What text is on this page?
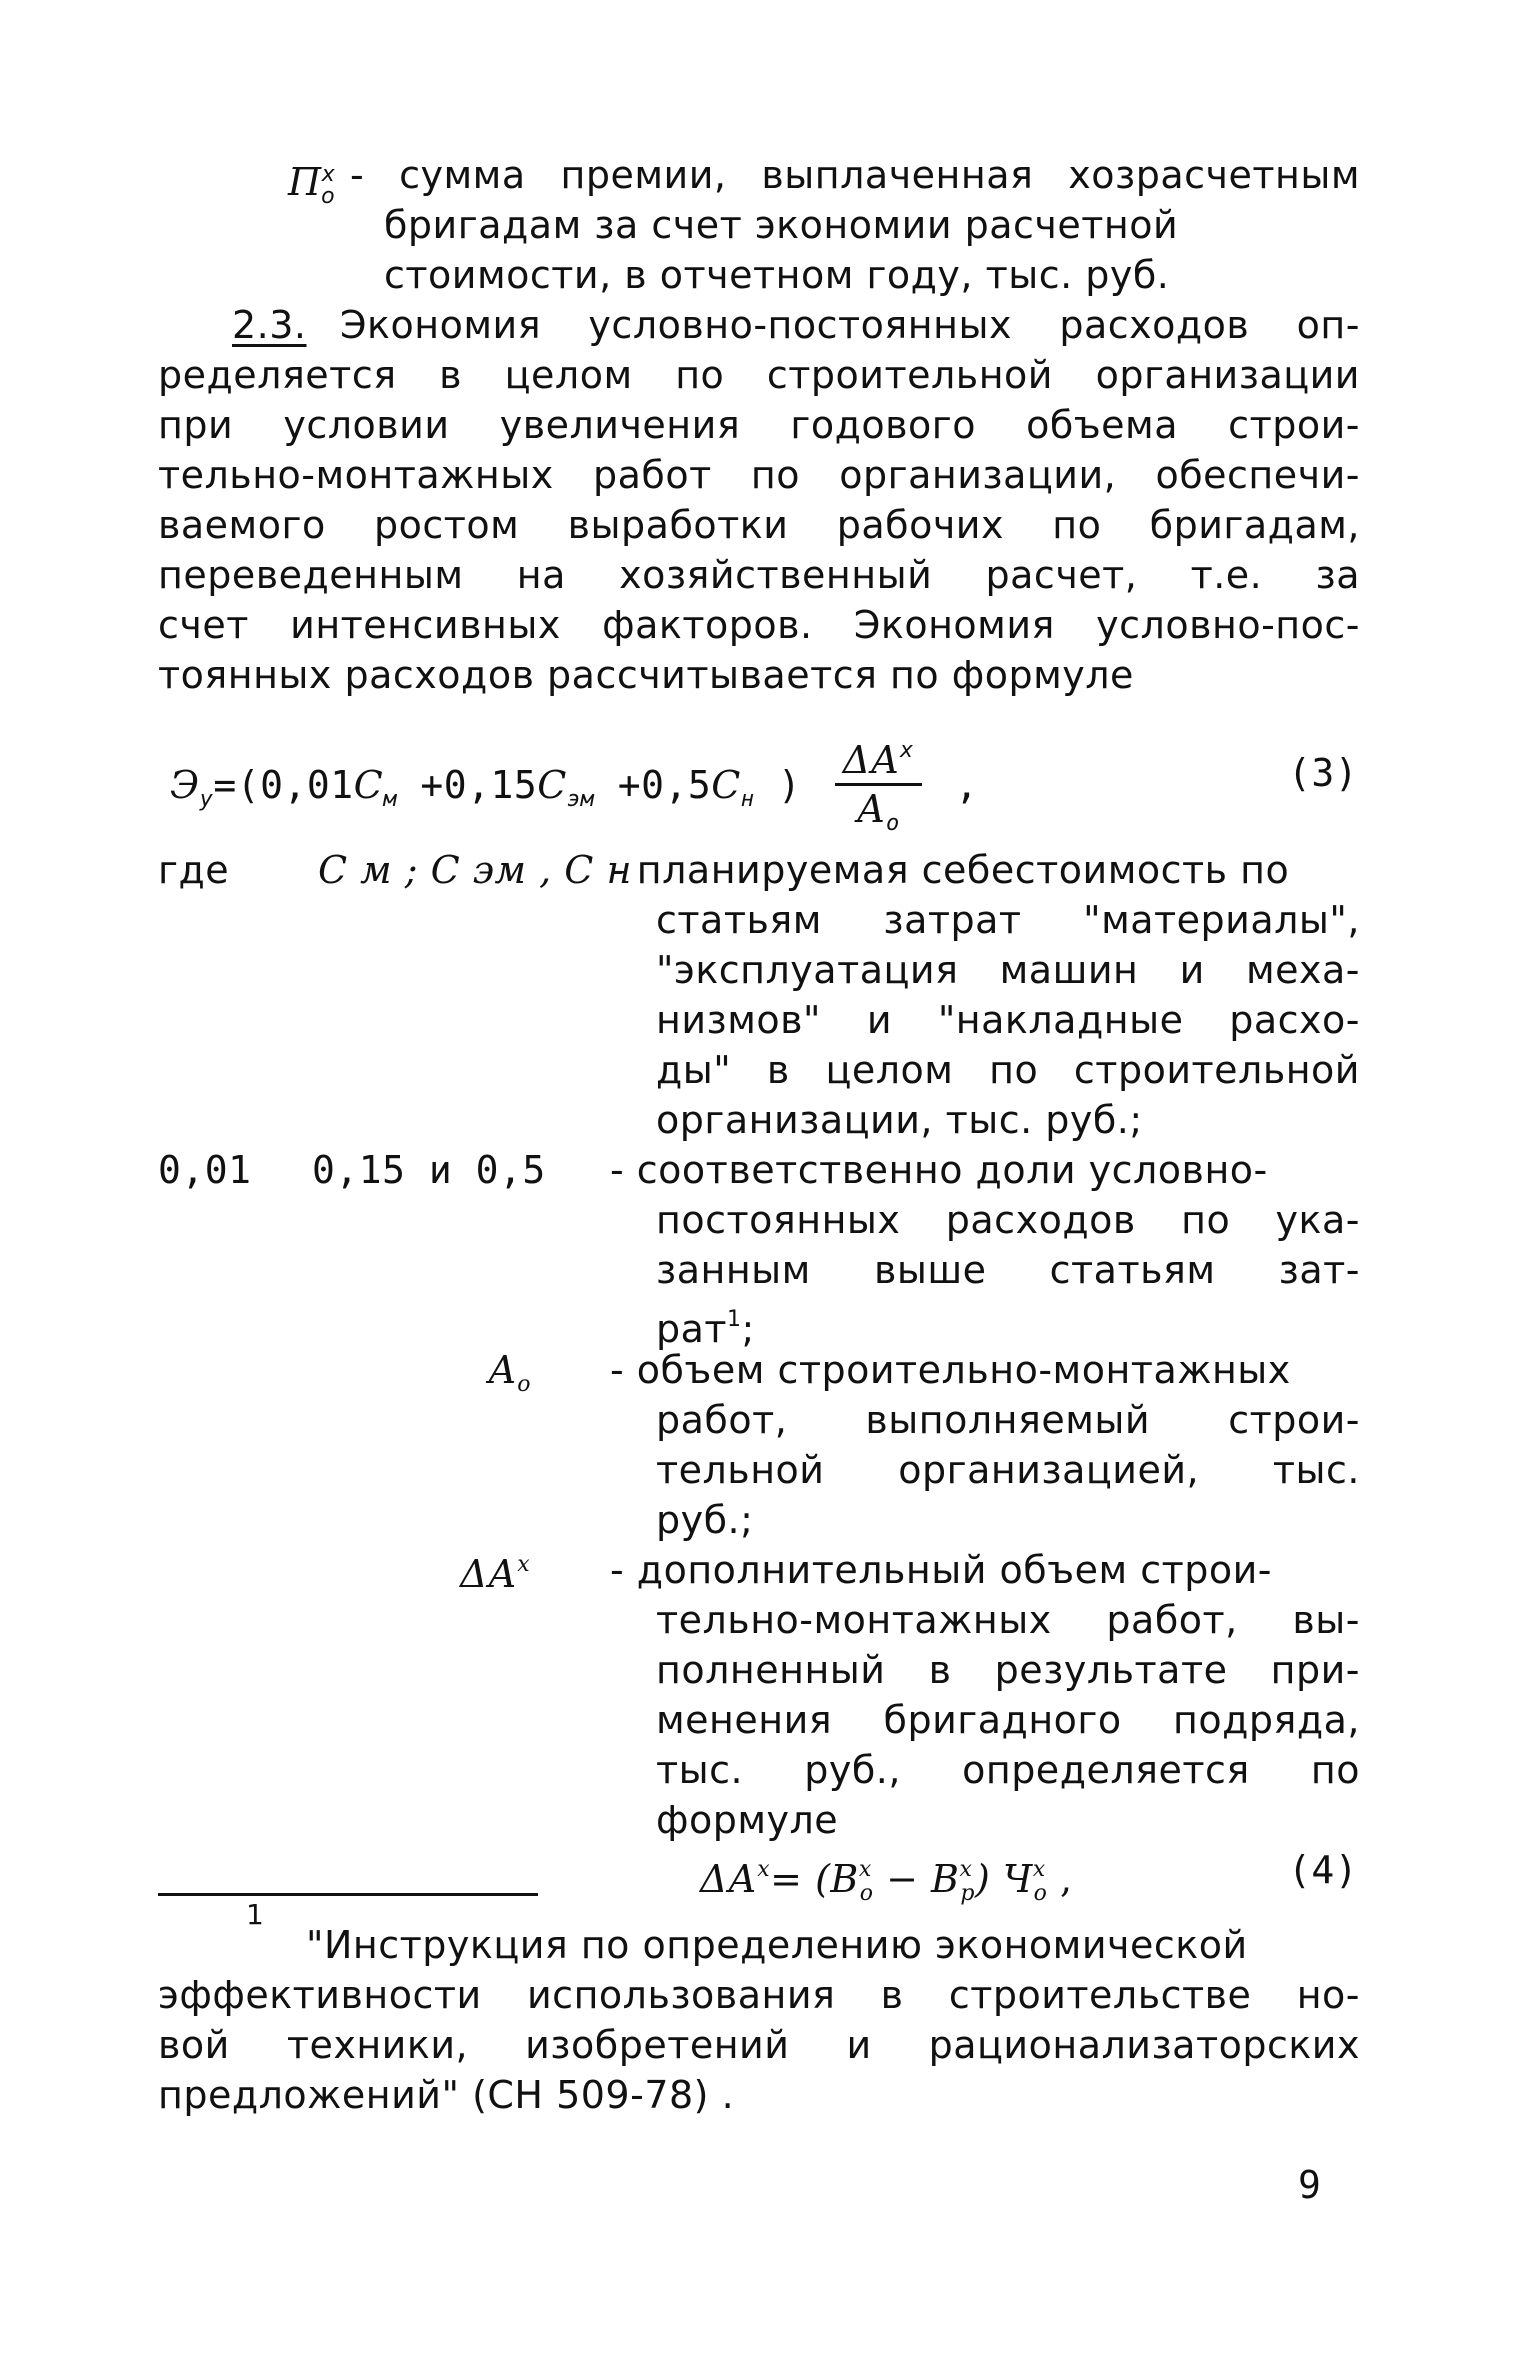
$П^х_о$ - сумма премии, выплаченная хозрасчетным
бригадам за счет экономии расчетной
стоимости, в отчетном году, тыс. руб.
2.3. Экономия условно-постоянных расходов оп-
ределяется в целом по строительной организации
при условии увеличения годового объема строи-
тельно-монтажных работ по организации, обеспечи-
ваемого ростом выработки рабочих по бригадам,
переведенным на хозяйственный расчет, т.е. за
счет интенсивных факторов. Экономия условно-пос-
тоянных расходов рассчитывается по формуле
$Э_у=(0,01С_м +0,15С_{эм} +0,5С_н$ ) $\frac{\Delta А^х}{А_о}$ ,	(3)
где С м ; С эм , С н
- планируемая себестоимость по
статьям затрат "материалы",
"эксплуатация машин и меха-
низмов" и "накладные расхо-
ды" в целом по строительной
организации, тыс. руб.;
0,01 0,15 и 0,5 - соответственно доли условно-
постоянных расходов по ука-
занным выше статьям зат-
рат$^1$;
$А_о$ - объем строительно-монтажных
работ, выполняемый строи-
тельной организацией, тыс.
руб.;
$\Delta А^х$ - дополнительный объем строи-
тельно-монтажных работ, вы-
полненный в результате при-
менения бригадного подряда,
тыс. руб., определяется по
формуле
$\Delta А^х= (В^х_о - В^х_р)$ $Ч^х_о$ ,	(4)
1
"Инструкция по определению экономической
эффективности использования в строительстве но-
вой техники, изобретений и рационализаторских
предложений" (СН 509-78) .
9
